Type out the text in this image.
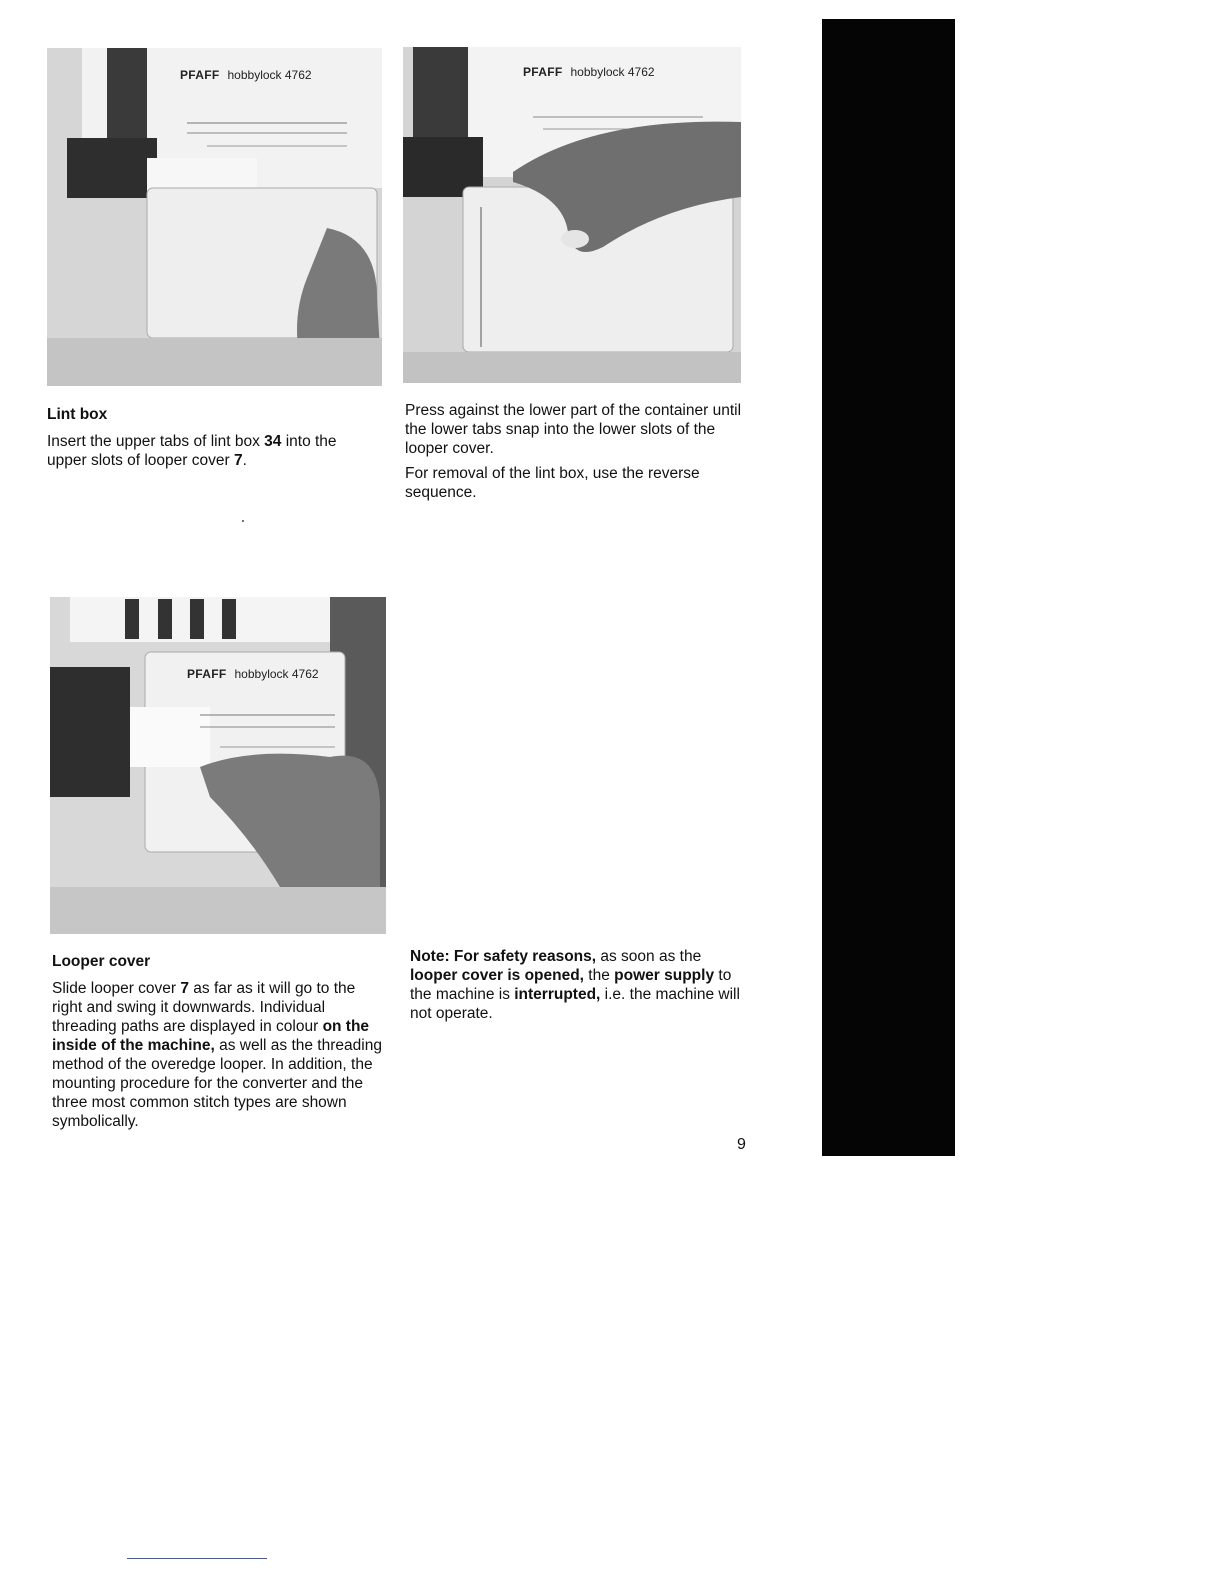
PFAFF hobbylock 4762	PFAFF hobbylock 4762
Lint box

Insert the upper tabs of lint box 34 into the upper slots of looper cover 7.

Press against the lower part of the container until the lower tabs snap into the lower slots of the looper cover.

For removal of the lint box, use the reverse sequence.

PFAFF hobbylock 4762
Looper cover

Slide looper cover 7 as far as it will go to the right and swing it downwards. Individual threading paths are displayed in colour on the inside of the machine, as well as the threading method of the overedge looper. In addition, the mounting procedure for the converter and the three most common stitch types are shown symbolically.

Note: For safety reasons, as soon as the looper cover is opened, the power supply to the machine is interrupted, i.e. the machine will not operate.

9
